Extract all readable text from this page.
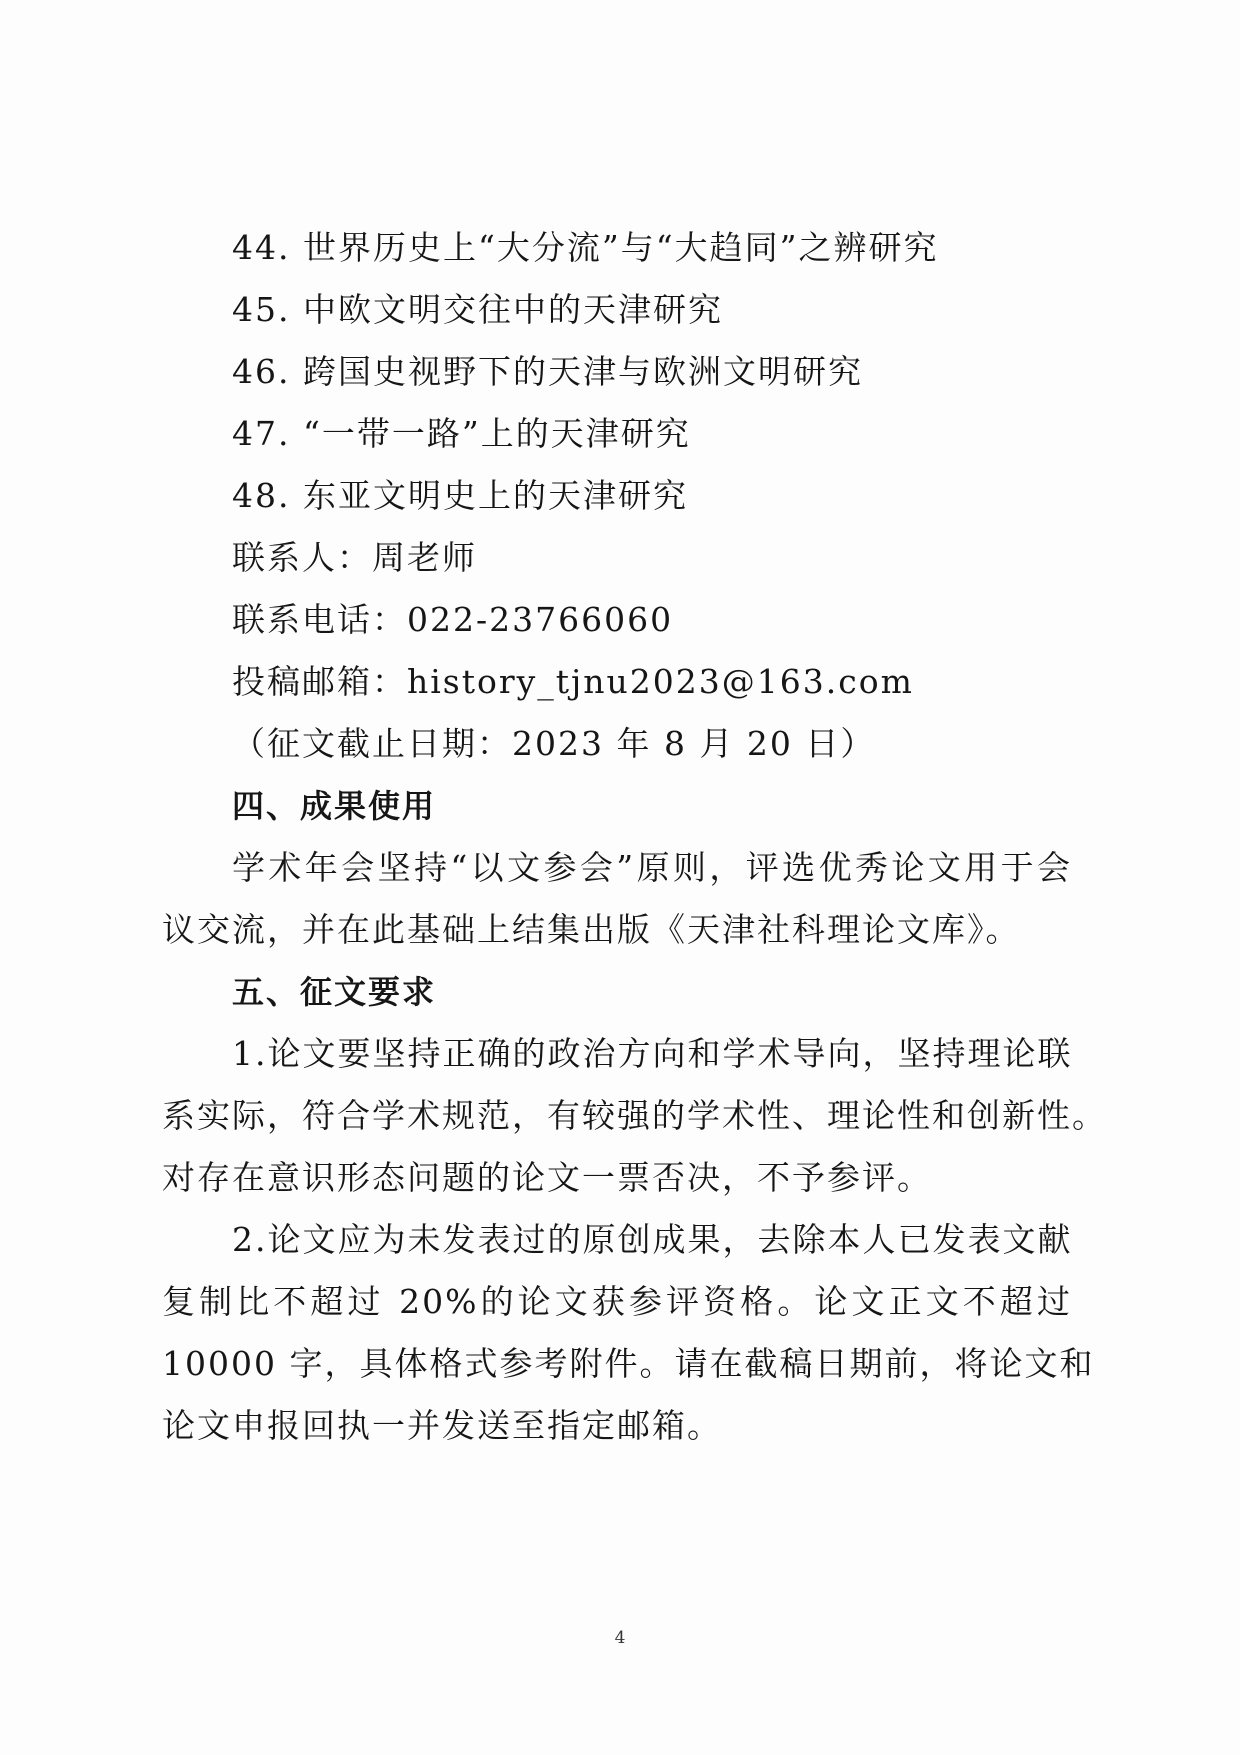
44. 世界历史上“大分流”与“大趋同”之辨研究
45. 中欧文明交往中的天津研究
46. 跨国史视野下的天津与欧洲文明研究
47. “一带一路”上的天津研究
48. 东亚文明史上的天津研究
联系人：周老师
联系电话：022-23766060
投稿邮箱：history_tjnu2023@163.com
（征文截止日期：2023 年 8 月 20 日）
四、成果使用
学术年会坚持“以文参会”原则，评选优秀论文用于会
议交流，并在此基础上结集出版《天津社科理论文库》。
五、征文要求
1.论文要坚持正确的政治方向和学术导向，坚持理论联
系实际，符合学术规范，有较强的学术性、理论性和创新性。
对存在意识形态问题的论文一票否决，不予参评。
2.论文应为未发表过的原创成果，去除本人已发表文献
复制比不超过 20%的论文获参评资格。论文正文不超过
10000 字，具体格式参考附件。请在截稿日期前，将论文和
论文申报回执一并发送至指定邮箱。
4
